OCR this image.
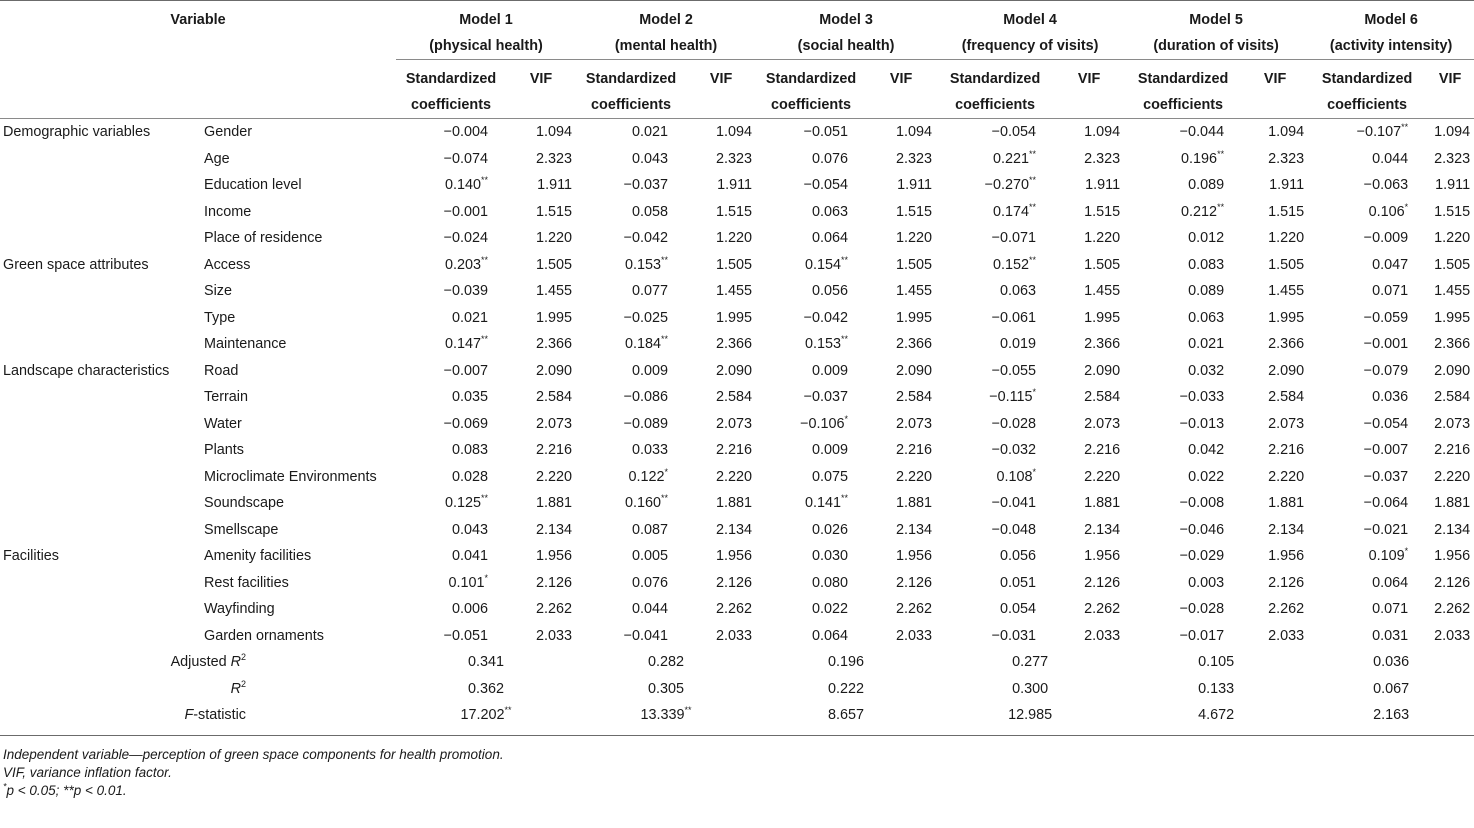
Variable		Model 1		Model 2		Model 3		Model 4		Model 5		Model 6	
		(physical health)		(mental health)		(social health)		(frequency of visits)		(duration of visits)		(activity intensity)	
		Standardized	VIF	Standardized	VIF	Standardized	VIF	Standardized	VIF	Standardized	VIF	Standardized	VIF
		coefficients		coefficients		coefficients		coefficients		coefficients		coefficients	
Demographic variables	Gender	−0.004	1.094	0.021	1.094	−0.051	1.094	−0.054	1.094	−0.044	1.094	−0.107**	1.094
	Age	−0.074	2.323	0.043	2.323	0.076	2.323	0.221**	2.323	0.196**	2.323	0.044	2.323
	Education level	0.140**	1.911	−0.037	1.911	−0.054	1.911	−0.270**	1.911	0.089	1.911	−0.063	1.911
	Income	−0.001	1.515	0.058	1.515	0.063	1.515	0.174**	1.515	0.212**	1.515	0.106*	1.515
	Place of residence	−0.024	1.220	−0.042	1.220	0.064	1.220	−0.071	1.220	0.012	1.220	−0.009	1.220
Green space attributes	Access	0.203**	1.505	0.153**	1.505	0.154**	1.505	0.152**	1.505	0.083	1.505	0.047	1.505
	Size	−0.039	1.455	0.077	1.455	0.056	1.455	0.063	1.455	0.089	1.455	0.071	1.455
	Type	0.021	1.995	−0.025	1.995	−0.042	1.995	−0.061	1.995	0.063	1.995	−0.059	1.995
	Maintenance	0.147**	2.366	0.184**	2.366	0.153**	2.366	0.019	2.366	0.021	2.366	−0.001	2.366
Landscape characteristics	Road	−0.007	2.090	0.009	2.090	0.009	2.090	−0.055	2.090	0.032	2.090	−0.079	2.090
	Terrain	0.035	2.584	−0.086	2.584	−0.037	2.584	−0.115*	2.584	−0.033	2.584	0.036	2.584
	Water	−0.069	2.073	−0.089	2.073	−0.106*	2.073	−0.028	2.073	−0.013	2.073	−0.054	2.073
	Plants	0.083	2.216	0.033	2.216	0.009	2.216	−0.032	2.216	0.042	2.216	−0.007	2.216
	Microclimate Environments	0.028	2.220	0.122*	2.220	0.075	2.220	0.108*	2.220	0.022	2.220	−0.037	2.220
	Soundscape	0.125**	1.881	0.160**	1.881	0.141**	1.881	−0.041	1.881	−0.008	1.881	−0.064	1.881
	Smellscape	0.043	2.134	0.087	2.134	0.026	2.134	−0.048	2.134	−0.046	2.134	−0.021	2.134
Facilities	Amenity facilities	0.041	1.956	0.005	1.956	0.030	1.956	0.056	1.956	−0.029	1.956	0.109*	1.956
	Rest facilities	0.101*	2.126	0.076	2.126	0.080	2.126	0.051	2.126	0.003	2.126	0.064	2.126
	Wayfinding	0.006	2.262	0.044	2.262	0.022	2.262	0.054	2.262	−0.028	2.262	0.071	2.262
	Garden ornaments	−0.051	2.033	−0.041	2.033	0.064	2.033	−0.031	2.033	−0.017	2.033	0.031	2.033
Adjusted $R^2$		0.341		0.282		0.196		0.277		0.105		0.036	
$R^2$		0.362		0.305		0.222		0.300		0.133		0.067	
F-statistic		17.202**		13.339**		8.657		12.985		4.672		2.163	
Independent variable—perception of green space components for health promotion.
VIF, variance inflation factor.
*p < 0.05; **p < 0.01.
